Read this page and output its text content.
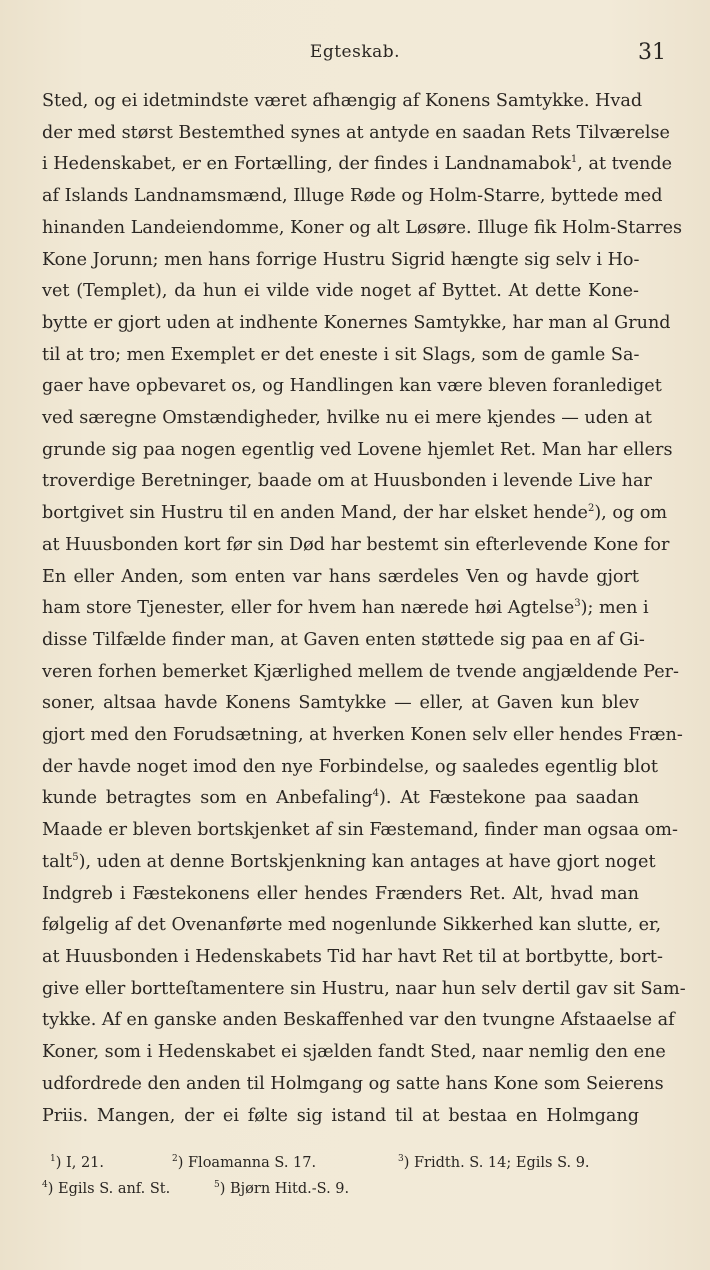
Egteskab.	31
Sted, og ei idetmindste været afhængig af Konens Samtykke. Hvad
der med størst Bestemthed synes at antyde en saadan Rets Tilværelse
i Hedenskabet, er en Fortælling, der findes i Landnamabok$^1$, at tvende
af Islands Landnamsmænd, Illuge Røde og Holm-Starre, byttede med
hinanden Landeiendomme, Koner og alt Løsøre. Illuge fik Holm-Starres
Kone Jorunn; men hans forrige Hustru Sigrid hængte sig selv i Ho-
vet (Templet), da hun ei vilde vide noget af Byttet. At dette Kone-
bytte er gjort uden at indhente Konernes Samtykke, har man al Grund
til at tro; men Exemplet er det eneste i sit Slags, som de gamle Sa-
gaer have opbevaret os, og Handlingen kan være bleven foranlediget
ved særegne Omstændigheder, hvilke nu ei mere kjendes — uden at
grunde sig paa nogen egentlig ved Lovene hjemlet Ret. Man har ellers
troverdige Beretninger, baade om at Huusbonden i levende Live har
bortgivet sin Hustru til en anden Mand, der har elsket hende$^2$), og om
at Huusbonden kort før sin Død har bestemt sin efterlevende Kone for
En eller Anden, som enten var hans særdeles Ven og havde gjort
ham store Tjenester, eller for hvem han nærede høi Agtelse$^3$); men i
disse Tilfælde finder man, at Gaven enten støttede sig paa en af Gi-
veren forhen bemerket Kjærlighed mellem de tvende angjældende Per-
soner, altsaa havde Konens Samtykke — eller, at Gaven kun blev
gjort med den Forudsætning, at hverken Konen selv eller hendes Fræn-
der havde noget imod den nye Forbindelse, og saaledes egentlig blot
kunde betragtes som en Anbefaling$^4$). At Fæstekone paa saadan
Maade er bleven bortskjenket af sin Fæstemand, finder man ogsaa om-
talt$^5$), uden at denne Bortskjenkning kan antages at have gjort noget
Indgreb i Fæstekonens eller hendes Frænders Ret. Alt, hvad man
følgelig af det Ovenanførte med nogenlunde Sikkerhed kan slutte, er,
at Huusbonden i Hedenskabets Tid har havt Ret til at bortbytte, bort-
give eller bortteſtamentere sin Hustru, naar hun selv dertil gav sit Sam-
tykke. Af en ganske anden Beskaffenhed var den tvungne Afstaaelse af
Koner, som i Hedenskabet ei sjælden fandt Sted, naar nemlig den ene
udfordrede den anden til Holmgang og satte hans Kone som Seierens
Priis. Mangen, der ei følte sig istand til at bestaa en Holmgang
$^1$) I, 21.	$^2$) Floamanna S. 17.	$^3$) Fridth. S. 14; Egils S. 9.
$^4$) Egils S. anf. St.	$^5$) Bjørn Hitd.-S. 9.
